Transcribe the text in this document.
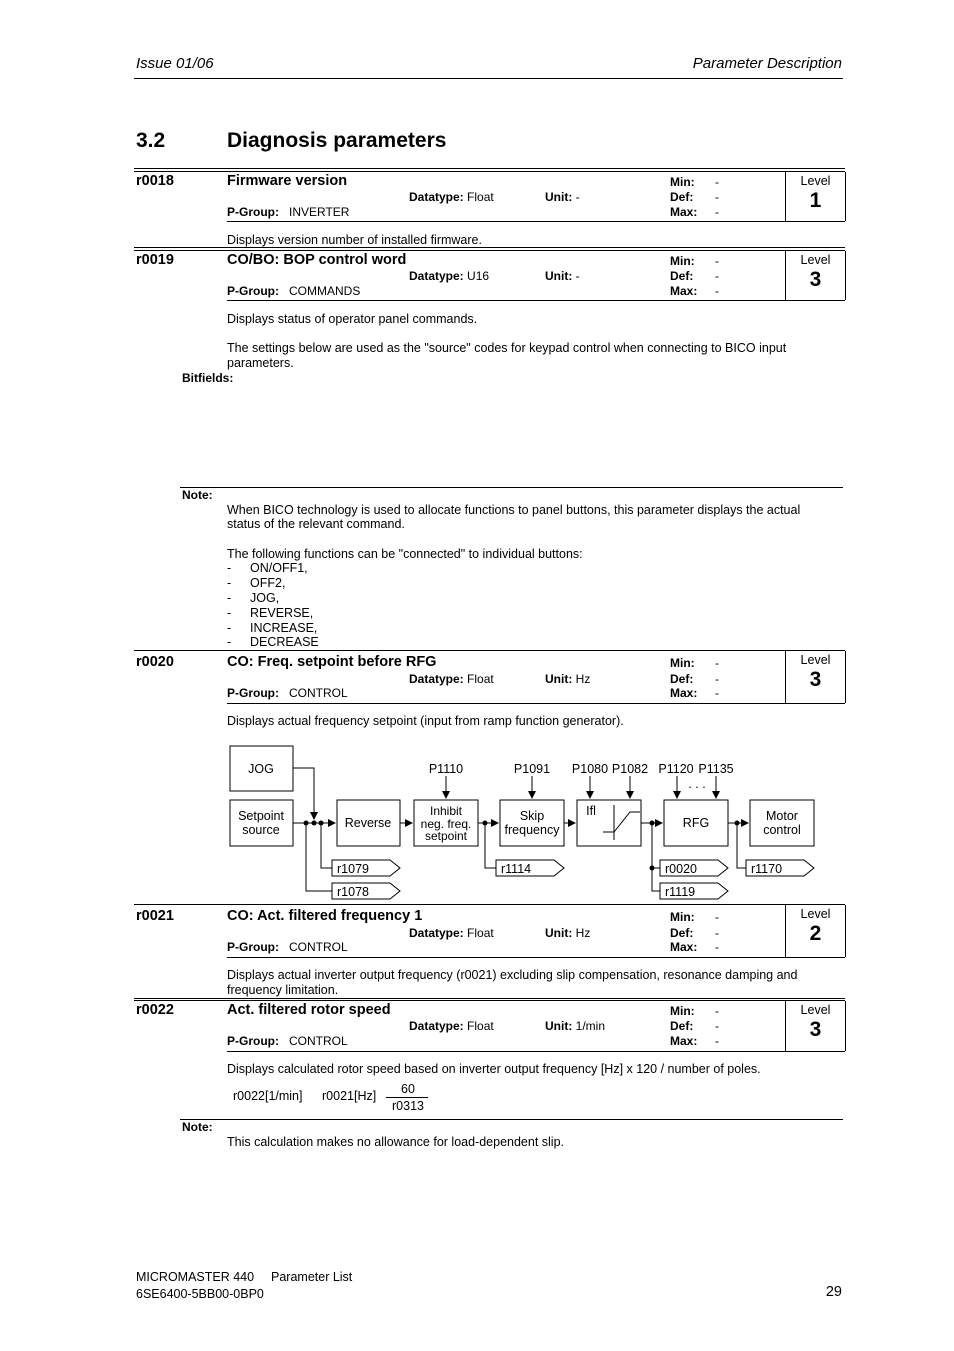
Issue 01/06	Parameter Description
3.2	Diagnosis parameters
r0018	Firmware version
Datatype: Float	Unit: -
P-Group: INVERTER
Min: -
Def: -
Max: -
Level
1
Displays version number of installed firmware.
r0019	CO/BO: BOP control word
Datatype: U16	Unit: -
P-Group: COMMANDS
Min: -
Def: -
Max: -
Level
3
Displays status of operator panel commands.
The settings below are used as the "source" codes for keypad control when connecting to BICO input
parameters.
Bitfields:
Note:
When BICO technology is used to allocate functions to panel buttons, this parameter displays the actual
status of the relevant command.
The following functions can be "connected" to individual buttons:
- ON/OFF1,
- OFF2,
- JOG,
- REVERSE,
- INCREASE,
- DECREASE
r0020	CO: Freq. setpoint before RFG
Datatype: Float	Unit: Hz
P-Group: CONTROL
Min: -
Def: -
Max: -
Level
3
Displays actual frequency setpoint (input from ramp function generator).
JOG
Setpoint
source	Reverse
Inhibit
neg. freq.
setpoint
Skip
frequency
Ifl
RFG	Motor
control
P1110	P1091 P1080 P1082 P1120 P1135
. . .
r1079
r1078
r1114	r0020
r1119
r1170
r0021	CO: Act. filtered frequency 1
Datatype: Float	Unit: Hz
P-Group: CONTROL
Min: -
Def: -
Max: -
Level
2
Displays actual inverter output frequency (r0021) excluding slip compensation, resonance damping and
frequency limitation.
r0022	Act. filtered rotor speed
Datatype: Float	Unit: 1/min
P-Group: CONTROL
Min: -
Def: -
Max: -
Level
3
Displays calculated rotor speed based on inverter output frequency [Hz] x 120 / number of poles.
r0022[1/min] r0021[Hz]	60
r0313
Note:
This calculation makes no allowance for load-dependent slip.
MICROMASTER 440 Parameter List
6SE6400-5BB00-0BP0	29
